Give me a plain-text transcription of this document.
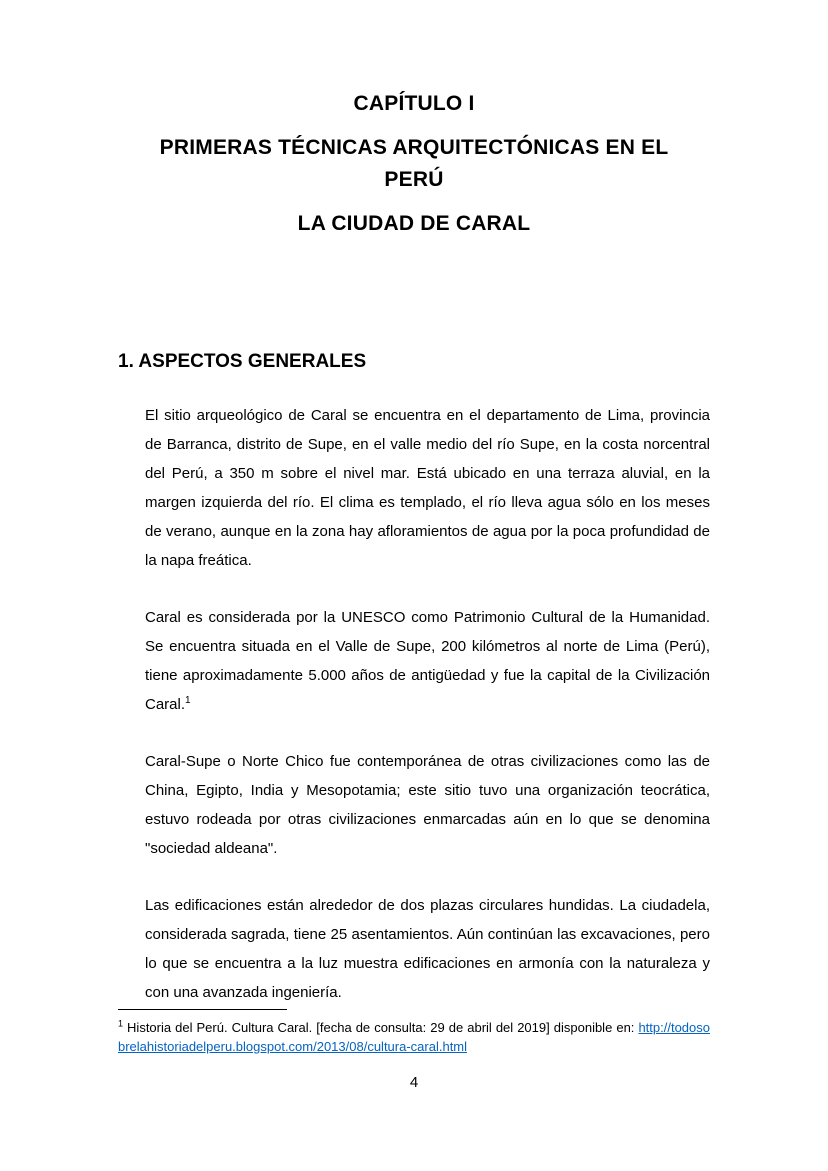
CAPÍTULO I
PRIMERAS TÉCNICAS ARQUITECTÓNICAS EN EL PERÚ
LA CIUDAD DE CARAL
1. ASPECTOS GENERALES

El sitio arqueológico de Caral se encuentra en el departamento de Lima, provincia de Barranca, distrito de Supe, en el valle medio del río Supe, en la costa norcentral del Perú, a 350 m sobre el nivel mar. Está ubicado en una terraza aluvial, en la margen izquierda del río. El clima es templado, el río lleva agua sólo en los meses de verano, aunque en la zona hay afloramientos de agua por la poca profundidad de la napa freática.

Caral es considerada por la UNESCO como Patrimonio Cultural de la Humanidad. Se encuentra situada en el Valle de Supe, 200 kilómetros al norte de Lima (Perú), tiene aproximadamente 5.000 años de antigüedad y fue la capital de la Civilización Caral.$^1$

Caral-Supe o Norte Chico fue contemporánea de otras civilizaciones como las de China, Egipto, India y Mesopotamia; este sitio tuvo una organización teocrática, estuvo rodeada por otras civilizaciones enmarcadas aún en lo que se denomina "sociedad aldeana".

Las edificaciones están alrededor de dos plazas circulares hundidas. La ciudadela, considerada sagrada, tiene 25 asentamientos. Aún continúan las excavaciones, pero lo que se encuentra a la luz muestra edificaciones en armonía con la naturaleza y con una avanzada ingeniería.

$^1$ Historia del Perú. Cultura Caral. [fecha de consulta: 29 de abril del 2019] disponible en: http://todosobrelahistoriadelperu.blogspot.com/2013/08/cultura-caral.html
4
